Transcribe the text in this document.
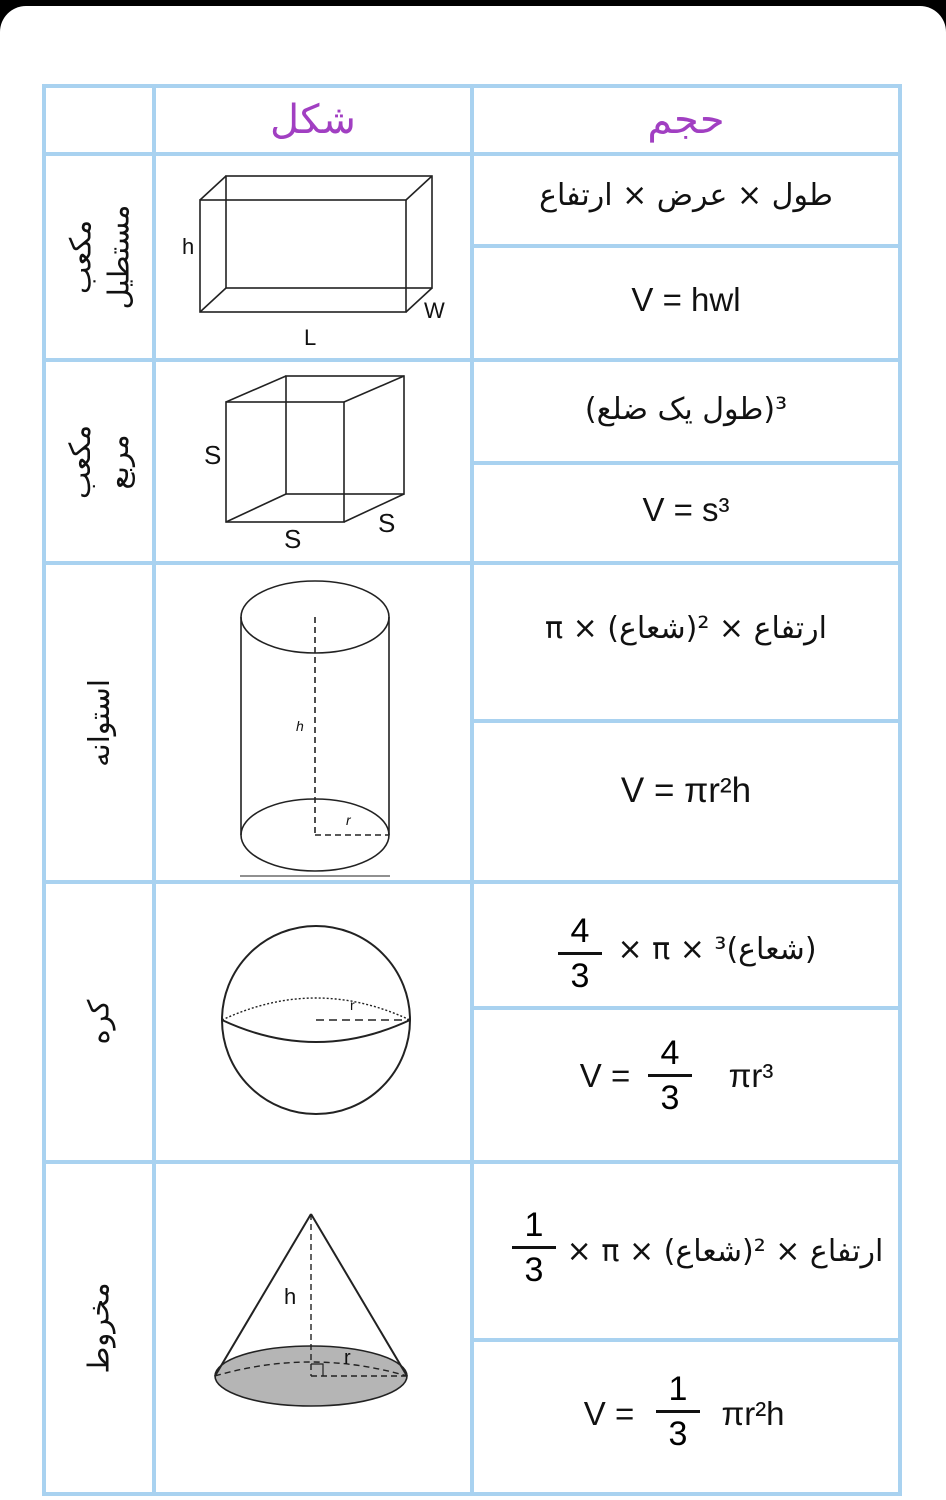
شکل	حجم
مکعب
مستطیل
مکعب
مربع
استوانه
کره
مخروط
h
W
L
S
S
S
h
r
r
h
r
طول × عرض × ارتفاع
V = hwl
³(طول یک ضلع)
V = s³
ارتفاع × ²(شعاع) × π
V = πr²h
4
3
× π × ³(شعاع)
V =
4
3
πr³
1
3 ارتفاع × ²(شعاع) × π ×
V =
1
3
πr²h
